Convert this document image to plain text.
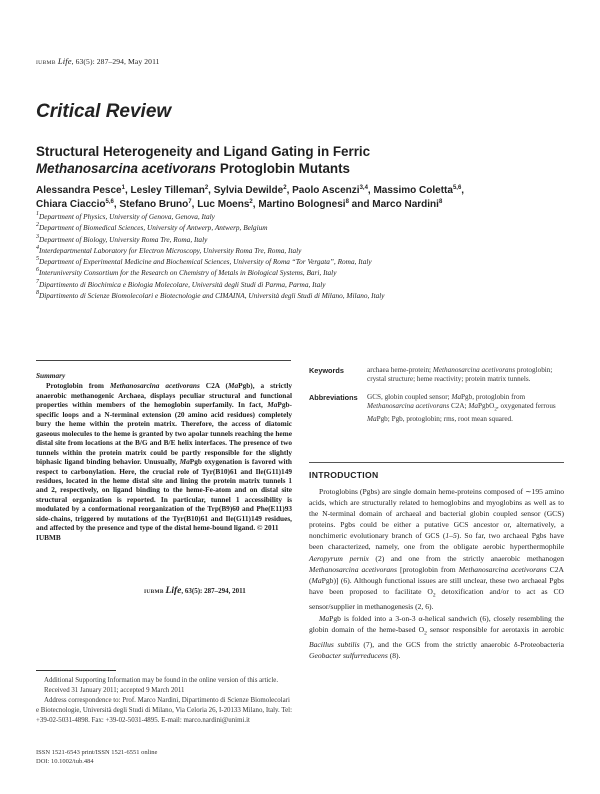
IUBMB Life, 63(5): 287–294, May 2011
Critical Review
Structural Heterogeneity and Ligand Gating in Ferric
Methanosarcina acetivorans Protoglobin Mutants
Alessandra Pesce$^1$, Lesley Tilleman$^2$, Sylvia Dewilde$^2$, Paolo Ascenzi$^{3,4}$, Massimo Coletta$^{5,6}$,
Chiara Ciaccio$^{5,6}$, Stefano Bruno$^7$, Luc Moens$^2$, Martino Bolognesi$^8$ and Marco Nardini$^8$
$^1$Department of Physics, University of Genova, Genova, Italy
$^2$Department of Biomedical Sciences, University of Antwerp, Antwerp, Belgium
$^3$Department of Biology, University Roma Tre, Roma, Italy
$^4$Interdepartmental Laboratory for Electron Microscopy, University Roma Tre, Roma, Italy
$^5$Department of Experimental Medicine and Biochemical Sciences, University of Roma “Tor Vergata”, Roma, Italy
$^6$Interuniversity Consortium for the Research on Chemistry of Metals in Biological Systems, Bari, Italy
$^7$Dipartimento di Biochimica e Biologia Molecolare, Università degli Studi di Parma, Parma, Italy
$^8$Dipartimento di Scienze Biomolecolari e Biotecnologie and CIMAINA, Università degli Studi di Milano, Milano, Italy
Summary
Protoglobin from Methanosarcina acetivorans C2A (MaPgb), a strictly anaerobic methanogenic Archaea, displays peculiar structural and functional properties within members of the hemoglobin superfamily. In fact, MaPgb-specific loops and a N-terminal extension (20 amino acid residues) completely bury the heme within the protein matrix. Therefore, the access of diatomic gaseous molecules to the heme is granted by two apolar tunnels reaching the heme distal site from locations at the B/G and B/E helix interfaces. The presence of two tunnels within the protein matrix could be partly responsible for the slightly biphasic ligand binding behavior. Unusually, MaPgb oxygenation is favored with respect to carbonylation. Here, the crucial role of Tyr(B10)61 and Ile(G11)149 residues, located in the heme distal site and lining the protein matrix tunnels 1 and 2, respectively, on ligand binding to the heme-Fe-atom and on distal site structural organization is reported. In particular, tunnel 1 accessibility is modulated by a conformational reorganization of the Trp(B9)60 and Phe(E11)93 side-chains, triggered by mutations of the Tyr(B10)61 and Ile(G11)149 residues, and affected by the presence and type of the distal heme-bound ligand. © 2011
IUBMB
IUBMB Life, 63(5): 287–294, 2011
Keywords	archaea heme-protein; Methanosarcina acetivorans protoglobin; crystal structure; heme reactivity; protein matrix tunnels.
Abbreviations	GCS, globin coupled sensor; MaPgb, protoglobin from Methanosarcina acetivorans C2A; MaPgbO$_2$, oxygenated ferrous MaPgb; Pgb, protoglobin; rms, root mean squared.
INTRODUCTION

Protoglobins (Pgbs) are single domain heme-proteins composed of ∼195 amino acids, which are structurally related to hemoglobins and myoglobins as well as to the N-terminal domain of archaeal and bacterial globin coupled sensor (GCS) proteins. Pgbs could be either a putative GCS ancestor or, alternatively, a nonchimeric evolutionary branch of GCS (1–5). So far, two archaeal Pgbs have been characterized, namely, one from the obligate aerobic hyperthermophile Aeropyrum pernix (2) and one from the strictly anaerobic methanogen Methanosarcina acetivorans [protoglobin from Methanosarcina acetivorans C2A (MaPgb)] (6). Although functional issues are still unclear, these two archaeal Pgbs have been proposed to facilitate $O_2$ detoxification and/or to act as CO sensor/supplier in methanogenesis (2, 6).

MaPgb is folded into a 3-on-3 α-helical sandwich (6), closely resembling the globin domain of the heme-based $O_2$ sensor responsible for aerotaxis in aerobic Bacillus subtilis (7), and the GCS from the strictly anaerobic δ-Proteobacteria Geobacter sulfurreducens (8).

Additional Supporting Information may be found in the online version of this article.

Received 31 January 2011; accepted 9 March 2011

Address correspondence to: Prof. Marco Nardini, Dipartimento di Scienze Biomolecolari e Biotecnologie, Università degli Studi di Milano, Via Celoria 26, I-20133 Milano, Italy. Tel: +39-02-5031-4898. Fax: +39-02-5031-4895. E-mail: marco.nardini@unimi.it

ISSN 1521-6543 print/ISSN 1521-6551 online
DOI: 10.1002/iub.484
